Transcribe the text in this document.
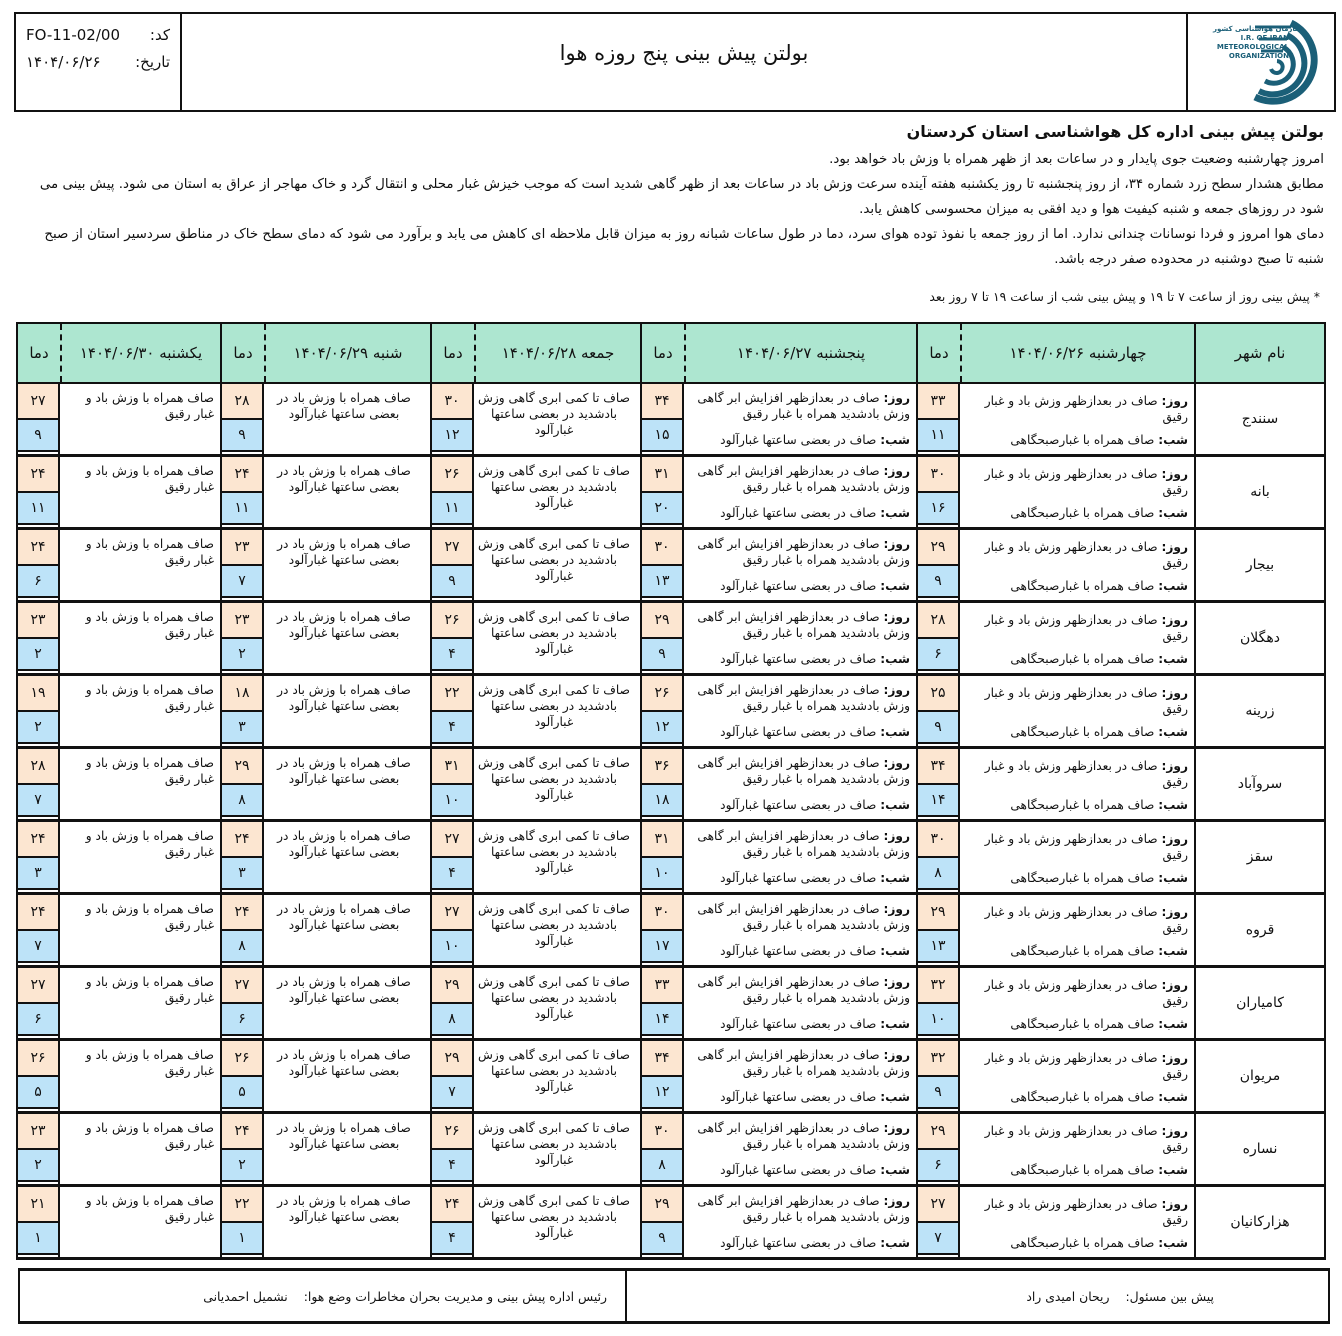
کد:
FO-11-02/00
تاریخ:
۱۴۰۴/۰۶/۲۶	بولتن پیش بینی پنج روزه هوا
سازمان هواشناسی کشور
I.R. OF IRAN
METEOROLOGICAL
ORGANIZATION
بولتن پیش بینی اداره کل هواشناسی استان کردستان

امروز چهارشنبه وضعیت جوی پایدار و در ساعات بعد از ظهر همراه با وزش باد خواهد بود.

مطابق هشدار سطح زرد شماره ۳۴، از روز پنجشنبه تا روز یکشنبه هفته آینده سرعت وزش باد در ساعات بعد از ظهر گاهی شدید است که موجب خیزش غبار محلی و انتقال گرد و خاک مهاجر از عراق به استان می شود. پیش بینی می شود در روزهای جمعه و شنبه کیفیت هوا و دید افقی به میزان محسوسی کاهش یابد.

دمای هوا امروز و فردا نوسانات چندانی ندارد. اما از روز جمعه با نفوذ توده هوای سرد، دما در طول ساعات شبانه روز به میزان قابل ملاحظه ای کاهش می یابد و برآورد می شود که دمای سطح خاک در مناطق سردسیر استان از صبح شنبه تا صبح دوشنبه در محدوده صفر درجه باشد.

* پیش بینی روز از ساعت ۷ تا ۱۹ و پیش بینی شب از ساعت ۱۹ تا ۷ روز بعد

نام شهر
چهارشنبه ۱۴۰۴/۰۶/۲۶
دما
پنجشنبه ۱۴۰۴/۰۶/۲۷
دما
جمعه ۱۴۰۴/۰۶/۲۸
دما
شنبه ۱۴۰۴/۰۶/۲۹
دما
یکشنبه ۱۴۰۴/۰۶/۳۰
دما
سنندج
روز: صاف در بعدازظهر وزش باد و غبار رقیق
شب: صاف همراه با غبارصبحگاهی
۳۳
۱۱
روز: صاف در بعدازظهر افزایش ابر گاهی وزش بادشدید همراه با غبار رقیق
شب: صاف در بعضی ساعتها غبارآلود
۳۴
۱۵
صاف تا کمی ابری گاهی وزش بادشدید در بعضی ساعتها غبارآلود
۳۰
۱۲
صاف همراه با وزش باد در بعضی ساعتها غبارآلود
۲۸
۹
صاف همراه با وزش باد و غبار رقیق
۲۷
۹
بانه
روز: صاف در بعدازظهر وزش باد و غبار رقیق
شب: صاف همراه با غبارصبحگاهی
۳۰
۱۶
روز: صاف در بعدازظهر افزایش ابر گاهی وزش بادشدید همراه با غبار رقیق
شب: صاف در بعضی ساعتها غبارآلود
۳۱
۲۰
صاف تا کمی ابری گاهی وزش بادشدید در بعضی ساعتها غبارآلود
۲۶
۱۱
صاف همراه با وزش باد در بعضی ساعتها غبارآلود
۲۴
۱۱
صاف همراه با وزش باد و غبار رقیق
۲۴
۱۱
بیجار
روز: صاف در بعدازظهر وزش باد و غبار رقیق
شب: صاف همراه با غبارصبحگاهی
۲۹
۹
روز: صاف در بعدازظهر افزایش ابر گاهی وزش بادشدید همراه با غبار رقیق
شب: صاف در بعضی ساعتها غبارآلود
۳۰
۱۳
صاف تا کمی ابری گاهی وزش بادشدید در بعضی ساعتها غبارآلود
۲۷
۹
صاف همراه با وزش باد در بعضی ساعتها غبارآلود
۲۳
۷
صاف همراه با وزش باد و غبار رقیق
۲۴
۶
دهگلان
روز: صاف در بعدازظهر وزش باد و غبار رقیق
شب: صاف همراه با غبارصبحگاهی
۲۸
۶
روز: صاف در بعدازظهر افزایش ابر گاهی وزش بادشدید همراه با غبار رقیق
شب: صاف در بعضی ساعتها غبارآلود
۲۹
۹
صاف تا کمی ابری گاهی وزش بادشدید در بعضی ساعتها غبارآلود
۲۶
۴
صاف همراه با وزش باد در بعضی ساعتها غبارآلود
۲۳
۲
صاف همراه با وزش باد و غبار رقیق
۲۳
۲
زرینه
روز: صاف در بعدازظهر وزش باد و غبار رقیق
شب: صاف همراه با غبارصبحگاهی
۲۵
۹
روز: صاف در بعدازظهر افزایش ابر گاهی وزش بادشدید همراه با غبار رقیق
شب: صاف در بعضی ساعتها غبارآلود
۲۶
۱۲
صاف تا کمی ابری گاهی وزش بادشدید در بعضی ساعتها غبارآلود
۲۲
۴
صاف همراه با وزش باد در بعضی ساعتها غبارآلود
۱۸
۳
صاف همراه با وزش باد و غبار رقیق
۱۹
۲
سروآباد
روز: صاف در بعدازظهر وزش باد و غبار رقیق
شب: صاف همراه با غبارصبحگاهی
۳۴
۱۴
روز: صاف در بعدازظهر افزایش ابر گاهی وزش بادشدید همراه با غبار رقیق
شب: صاف در بعضی ساعتها غبارآلود
۳۶
۱۸
صاف تا کمی ابری گاهی وزش بادشدید در بعضی ساعتها غبارآلود
۳۱
۱۰
صاف همراه با وزش باد در بعضی ساعتها غبارآلود
۲۹
۸
صاف همراه با وزش باد و غبار رقیق
۲۸
۷
سقز
روز: صاف در بعدازظهر وزش باد و غبار رقیق
شب: صاف همراه با غبارصبحگاهی
۳۰
۸
روز: صاف در بعدازظهر افزایش ابر گاهی وزش بادشدید همراه با غبار رقیق
شب: صاف در بعضی ساعتها غبارآلود
۳۱
۱۰
صاف تا کمی ابری گاهی وزش بادشدید در بعضی ساعتها غبارآلود
۲۷
۴
صاف همراه با وزش باد در بعضی ساعتها غبارآلود
۲۴
۳
صاف همراه با وزش باد و غبار رقیق
۲۴
۳
قروه
روز: صاف در بعدازظهر وزش باد و غبار رقیق
شب: صاف همراه با غبارصبحگاهی
۲۹
۱۳
روز: صاف در بعدازظهر افزایش ابر گاهی وزش بادشدید همراه با غبار رقیق
شب: صاف در بعضی ساعتها غبارآلود
۳۰
۱۷
صاف تا کمی ابری گاهی وزش بادشدید در بعضی ساعتها غبارآلود
۲۷
۱۰
صاف همراه با وزش باد در بعضی ساعتها غبارآلود
۲۴
۸
صاف همراه با وزش باد و غبار رقیق
۲۴
۷
کامیاران
روز: صاف در بعدازظهر وزش باد و غبار رقیق
شب: صاف همراه با غبارصبحگاهی
۳۲
۱۰
روز: صاف در بعدازظهر افزایش ابر گاهی وزش بادشدید همراه با غبار رقیق
شب: صاف در بعضی ساعتها غبارآلود
۳۳
۱۴
صاف تا کمی ابری گاهی وزش بادشدید در بعضی ساعتها غبارآلود
۲۹
۸
صاف همراه با وزش باد در بعضی ساعتها غبارآلود
۲۷
۶
صاف همراه با وزش باد و غبار رقیق
۲۷
۶
مریوان
روز: صاف در بعدازظهر وزش باد و غبار رقیق
شب: صاف همراه با غبارصبحگاهی
۳۲
۹
روز: صاف در بعدازظهر افزایش ابر گاهی وزش بادشدید همراه با غبار رقیق
شب: صاف در بعضی ساعتها غبارآلود
۳۴
۱۲
صاف تا کمی ابری گاهی وزش بادشدید در بعضی ساعتها غبارآلود
۲۹
۷
صاف همراه با وزش باد در بعضی ساعتها غبارآلود
۲۶
۵
صاف همراه با وزش باد و غبار رقیق
۲۶
۵
نساره
روز: صاف در بعدازظهر وزش باد و غبار رقیق
شب: صاف همراه با غبارصبحگاهی
۲۹
۶
روز: صاف در بعدازظهر افزایش ابر گاهی وزش بادشدید همراه با غبار رقیق
شب: صاف در بعضی ساعتها غبارآلود
۳۰
۸
صاف تا کمی ابری گاهی وزش بادشدید در بعضی ساعتها غبارآلود
۲۶
۴
صاف همراه با وزش باد در بعضی ساعتها غبارآلود
۲۴
۲
صاف همراه با وزش باد و غبار رقیق
۲۳
۲
هزارکانیان
روز: صاف در بعدازظهر وزش باد و غبار رقیق
شب: صاف همراه با غبارصبحگاهی
۲۷
۷
روز: صاف در بعدازظهر افزایش ابر گاهی وزش بادشدید همراه با غبار رقیق
شب: صاف در بعضی ساعتها غبارآلود
۲۹
۹
صاف تا کمی ابری گاهی وزش بادشدید در بعضی ساعتها غبارآلود
۲۴
۴
صاف همراه با وزش باد در بعضی ساعتها غبارآلود
۲۲
۱
صاف همراه با وزش باد و غبار رقیق
۲۱
۱
پیش بین مسئول:
ریحان امیدی راد
رئیس اداره پیش بینی و مدیریت بحران مخاطرات وضع هوا:
نشمیل احمدیانی
